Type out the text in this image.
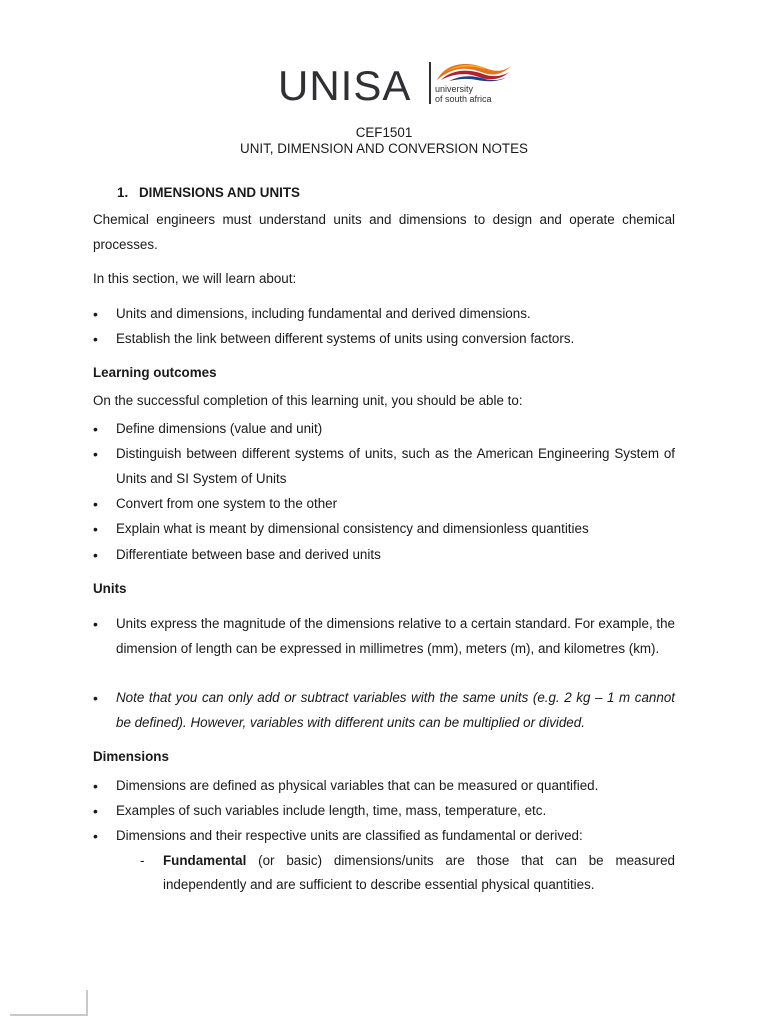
UNISA	university
of south africa
CEF1501
UNIT, DIMENSION AND CONVERSION NOTES
1. DIMENSIONS AND UNITS
Chemical engineers must understand units and dimensions to design and operate chemical processes.
In this section, we will learn about:
• Units and dimensions, including fundamental and derived dimensions.
• Establish the link between different systems of units using conversion factors.
Learning outcomes
On the successful completion of this learning unit, you should be able to:
• Define dimensions (value and unit)
• Distinguish between different systems of units, such as the American Engineering System of Units and SI System of Units
• Convert from one system to the other
• Explain what is meant by dimensional consistency and dimensionless quantities
• Differentiate between base and derived units
Units
• Units express the magnitude of the dimensions relative to a certain standard. For example, the dimension of length can be expressed in millimetres (mm), meters (m), and kilometres (km).
• Note that you can only add or subtract variables with the same units (e.g. 2 kg – 1 m cannot be defined). However, variables with different units can be multiplied or divided.
Dimensions
• Dimensions are defined as physical variables that can be measured or quantified.
• Examples of such variables include length, time, mass, temperature, etc.
• Dimensions and their respective units are classified as fundamental or derived:
- Fundamental (or basic) dimensions/units are those that can be measured independently and are sufficient to describe essential physical quantities.
